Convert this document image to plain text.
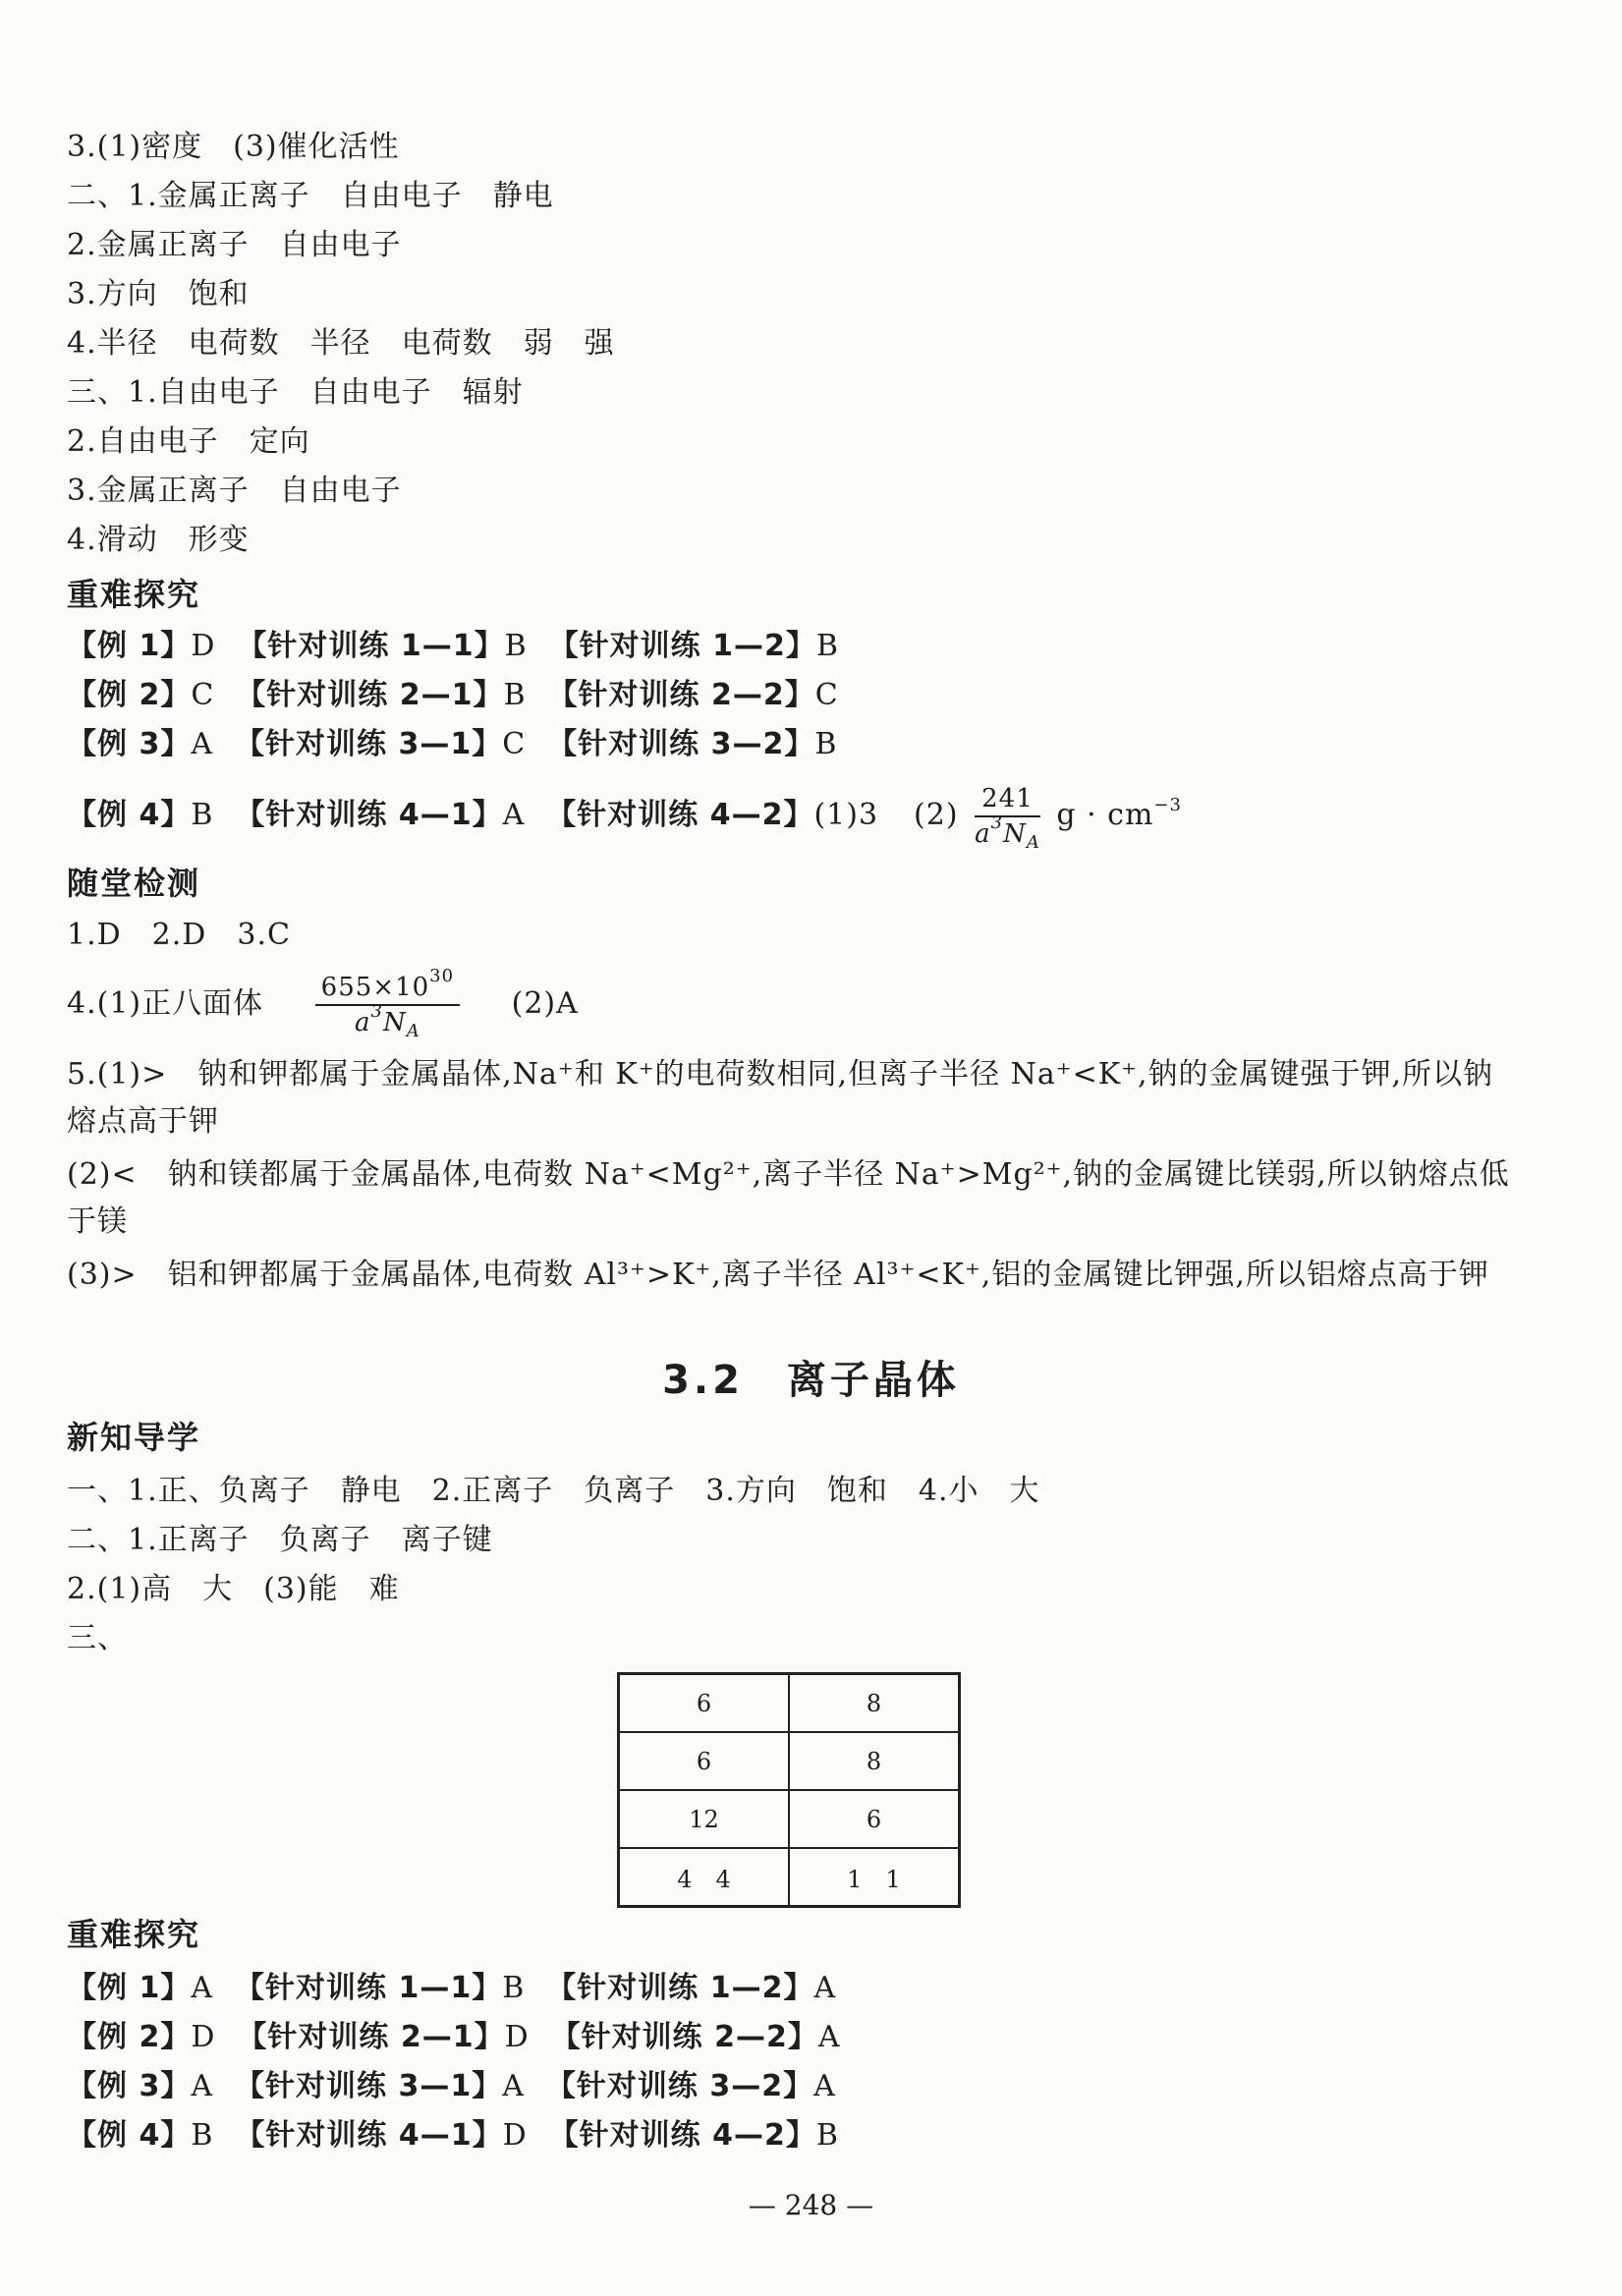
3.(1)密度　(3)催化活性
二、1.金属正离子　自由电子　静电
2.金属正离子　自由电子
3.方向　饱和
4.半径　电荷数　半径　电荷数　弱　强
三、1.自由电子　自由电子　辐射
2.自由电子　定向
3.金属正离子　自由电子
4.滑动　形变
重难探究
【例 1】D 【针对训练 1—1】B 【针对训练 1—2】B
【例 2】C 【针对训练 2—1】B 【针对训练 2—2】C
【例 3】A 【针对训练 3—1】C 【针对训练 3—2】B
【例 4】B 【针对训练 4—1】A 【针对训练 4—2】(1)3 $(2) \frac{241}{a^3N_A}$ $g \cdot cm^{-3}$
随堂检测
1.D　2.D　3.C
4.(1)正八面体 $\frac{655\times 10^{30}}{a^3N_A} (2)A$
5.(1)>　钠和钾都属于金属晶体,Na⁺和 K⁺的电荷数相同,但离子半径 Na⁺<K⁺,钠的金属键强于钾,所以钠熔点高于钾
(2)<　钠和镁都属于金属晶体,电荷数 Na⁺<Mg²⁺,离子半径 Na⁺>Mg²⁺,钠的金属键比镁弱,所以钠熔点低于镁
(3)>　铝和钾都属于金属晶体,电荷数 Al³⁺>K⁺,离子半径 Al³⁺<K⁺,铝的金属键比钾强,所以铝熔点高于钾
3.2　离子晶体
新知导学
一、1.正、负离子　静电　2.正离子　负离子　3.方向　饱和　4.小　大
二、1.正离子　负离子　离子键
2.(1)高　大　(3)能　难
三、
6	8
6	8
12	6
4　4	1　1
重难探究
【例 1】A 【针对训练 1—1】B 【针对训练 1—2】A
【例 2】D 【针对训练 2—1】D 【针对训练 2—2】A
【例 3】A 【针对训练 3—1】A 【针对训练 3—2】A
【例 4】B 【针对训练 4—1】D 【针对训练 4—2】B
— 248 —
